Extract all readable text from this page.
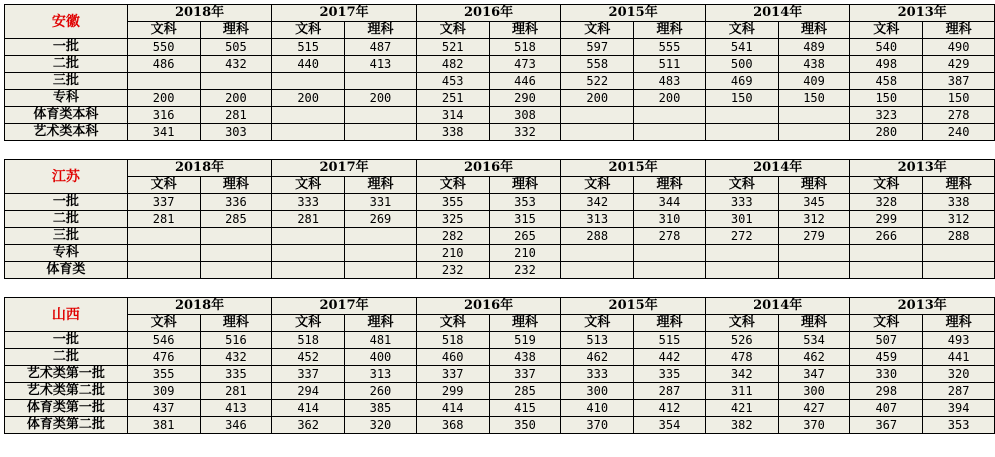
安徽	2018年		2017年		2016年		2015年		2014年		2013年	
	文科	理科	文科	理科	文科	理科	文科	理科	文科	理科	文科	理科
一批	550	505	515	487	521	518	597	555	541	489	540	490
二批	486	432	440	413	482	473	558	511	500	438	498	429
三批					453	446	522	483	469	409	458	387
专科	200	200	200	200	251	290	200	200	150	150	150	150
体育类本科	316	281			314	308					323	278
艺术类本科	341	303			338	332					280	240

江苏	2018年		2017年		2016年		2015年		2014年		2013年	
	文科	理科	文科	理科	文科	理科	文科	理科	文科	理科	文科	理科
一批	337	336	333	331	355	353	342	344	333	345	328	338
二批	281	285	281	269	325	315	313	310	301	312	299	312
三批					282	265	288	278	272	279	266	288
专科					210	210						
体育类					232	232						

山西	2018年		2017年		2016年		2015年		2014年		2013年	
	文科	理科	文科	理科	文科	理科	文科	理科	文科	理科	文科	理科
一批	546	516	518	481	518	519	513	515	526	534	507	493
二批	476	432	452	400	460	438	462	442	478	462	459	441
艺术类第一批	355	335	337	313	337	337	333	335	342	347	330	320
艺术类第二批	309	281	294	260	299	285	300	287	311	300	298	287
体育类第一批	437	413	414	385	414	415	410	412	421	427	407	394
体育类第二批	381	346	362	320	368	350	370	354	382	370	367	353
